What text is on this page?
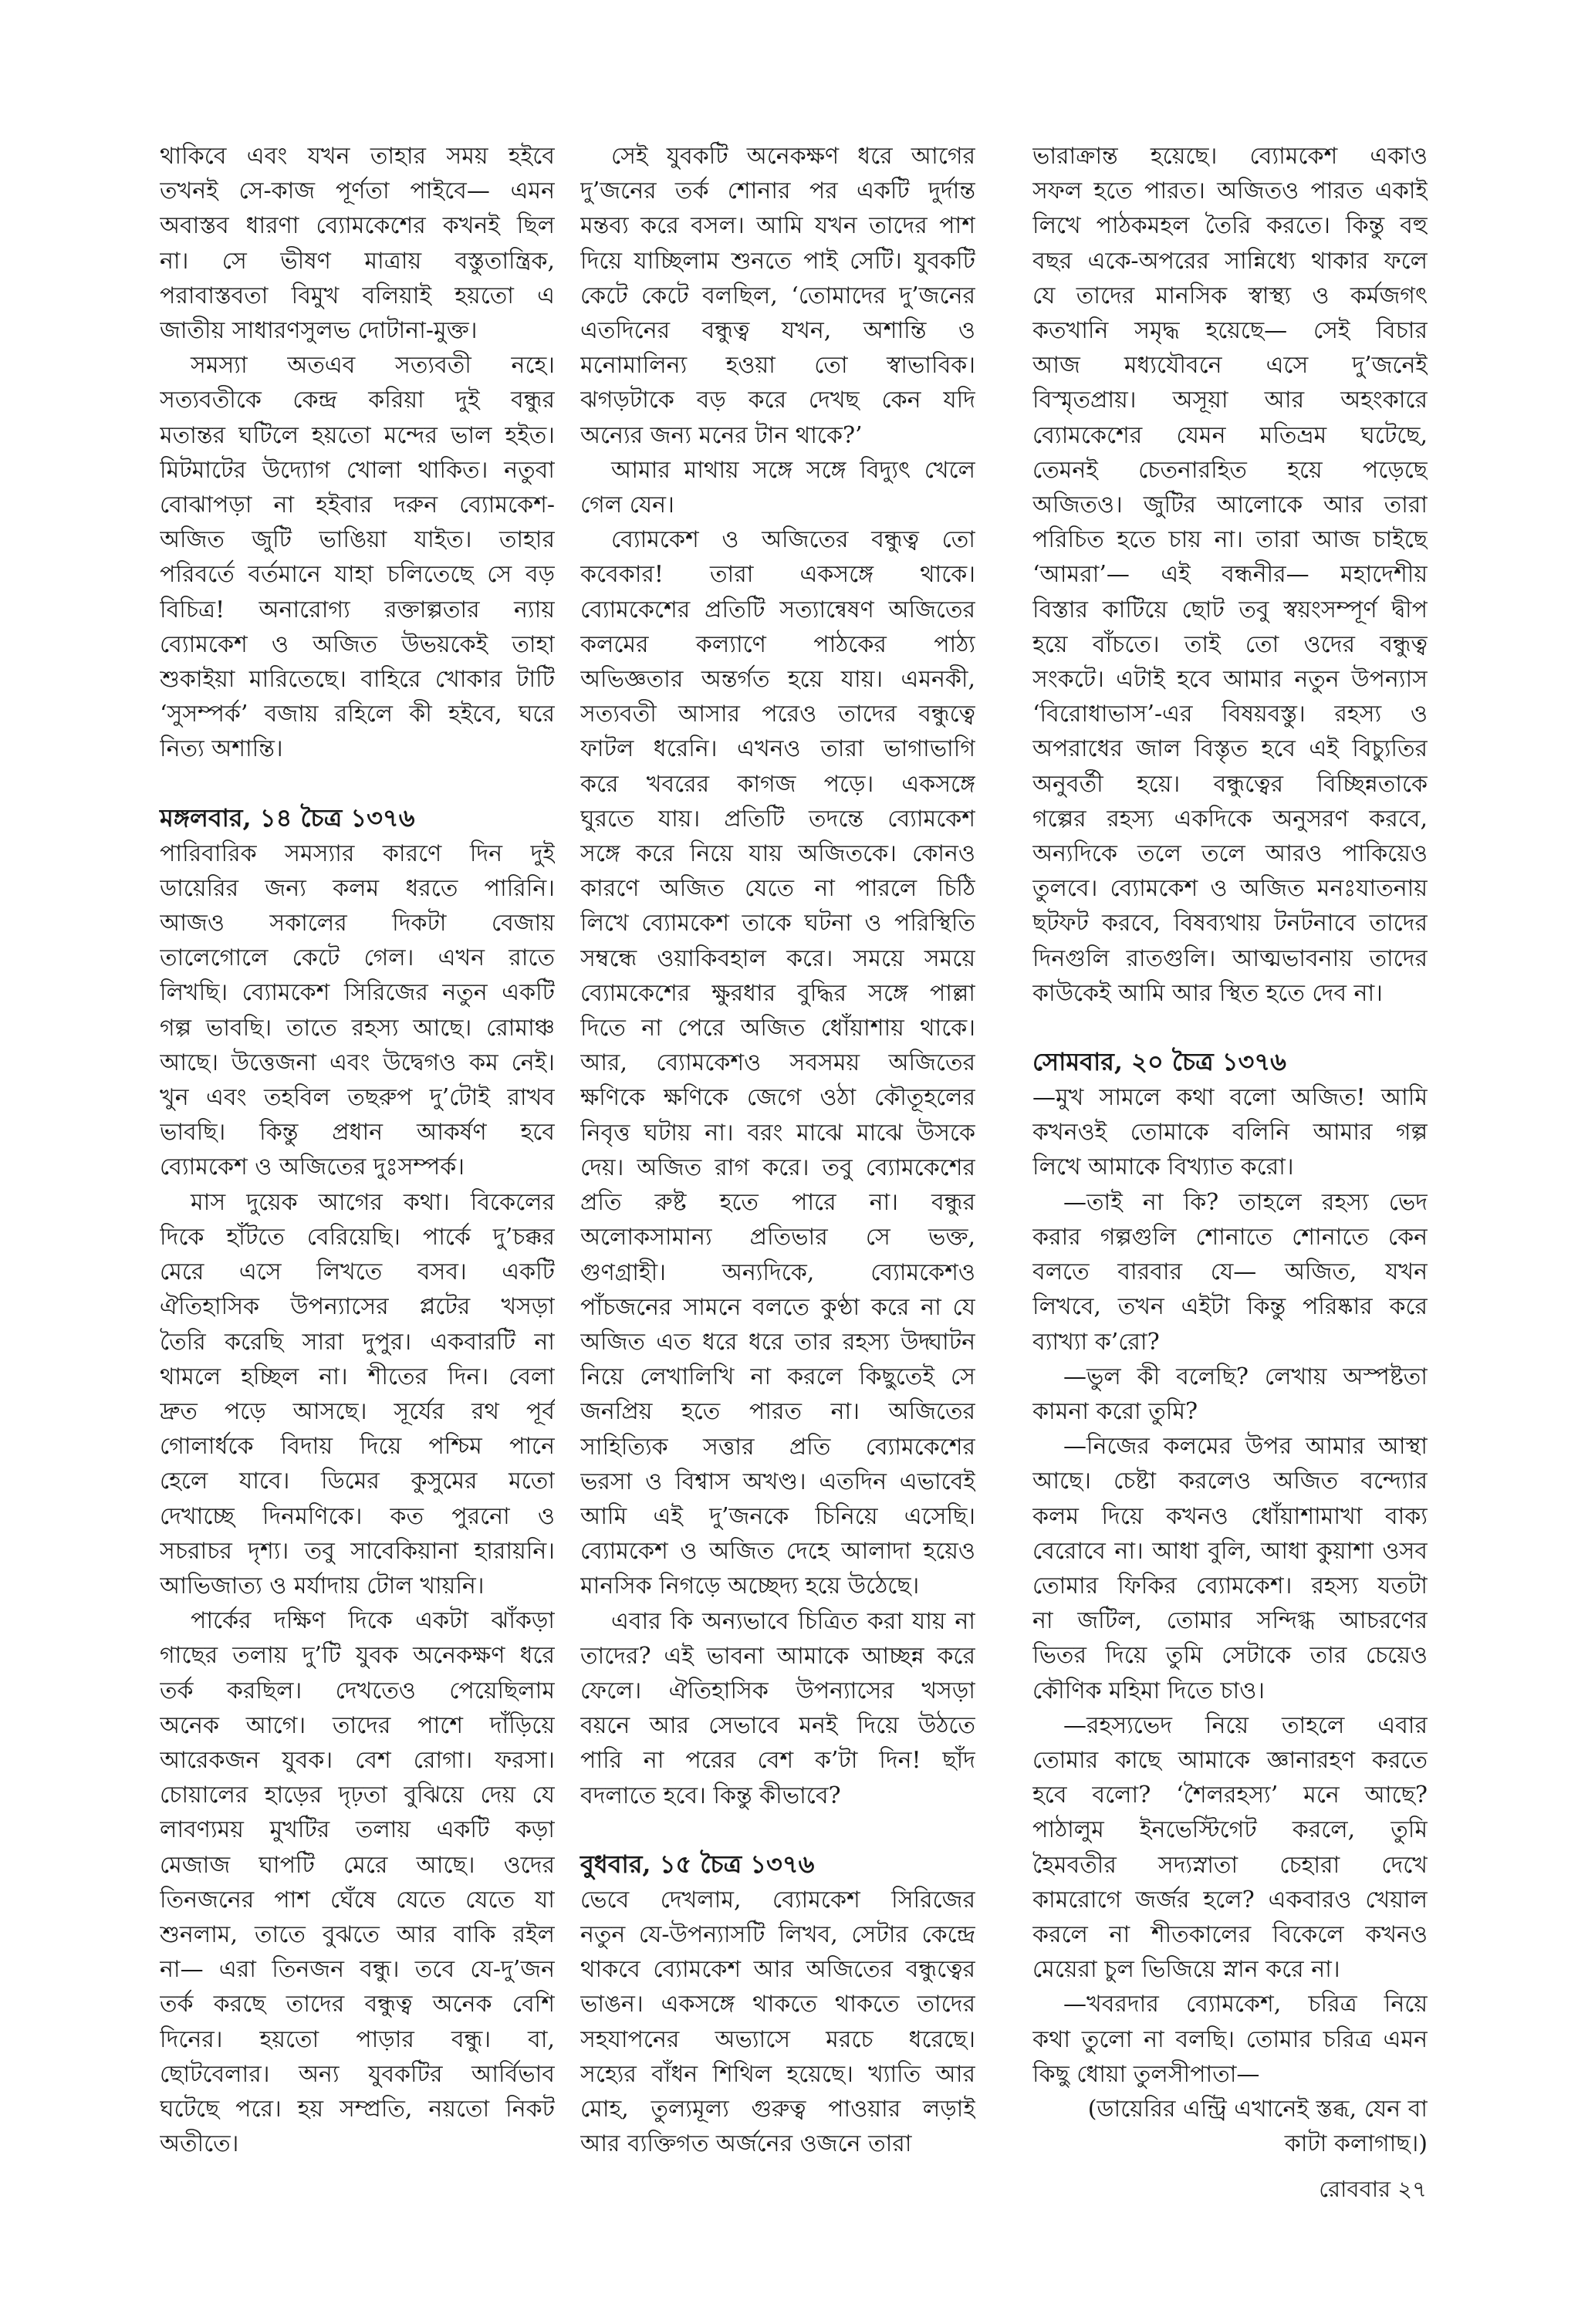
থাকিবে এবং যখন তাহার সময় হইবে
তখনই সে-কাজ পূর্ণতা পাইবে— এমন
অবাস্তব ধারণা ব্যোমকেশের কখনই ছিল
না। সে ভীষণ মাত্রায় বস্তুতান্ত্রিক,
পরাবাস্তবতা বিমুখ বলিয়াই হয়তো এ
জাতীয় সাধারণসুলভ দোটানা-মুক্ত।
সমস্যা অতএব সত্যবতী নহে।
সত্যবতীকে কেন্দ্র করিয়া দুই বন্ধুর
মতান্তর ঘটিলে হয়তো মন্দের ভাল হইত।
মিটমাটের উদ্যোগ খোলা থাকিত। নতুবা
বোঝাপড়া না হইবার দরুন ব্যোমকেশ-
অজিত জুটি ভাঙিয়া যাইত। তাহার
পরিবর্তে বর্তমানে যাহা চলিতেছে সে বড়
বিচিত্র! অনারোগ্য রক্তাল্পতার ন্যায়
ব্যোমকেশ ও অজিত উভয়কেই তাহা
শুকাইয়া মারিতেছে। বাহিরে খোকার টাটি
‘সুসম্পর্ক’ বজায় রহিলে কী হইবে, ঘরে
নিত্য অশান্তি।
মঙ্গলবার, ১৪ চৈত্র ১৩৭৬
পারিবারিক সমস্যার কারণে দিন দুই
ডায়েরির জন্য কলম ধরতে পারিনি।
আজও সকালের দিকটা বেজায়
তালেগোলে কেটে গেল। এখন রাতে
লিখছি। ব্যোমকেশ সিরিজের নতুন একটি
গল্প ভাবছি। তাতে রহস্য আছে। রোমাঞ্চ
আছে। উত্তেজনা এবং উদ্বেগও কম নেই।
খুন এবং তহবিল তছরুপ দু’টোই রাখব
ভাবছি। কিন্তু প্রধান আকর্ষণ হবে
ব্যোমকেশ ও অজিতের দুঃসম্পর্ক।
মাস দুয়েক আগের কথা। বিকেলের
দিকে হাঁটতে বেরিয়েছি। পার্কে দু’চক্কর
মেরে এসে লিখতে বসব। একটি
ঐতিহাসিক উপন্যাসের প্লটের খসড়া
তৈরি করেছি সারা দুপুর। একবারটি না
থামলে হচ্ছিল না। শীতের দিন। বেলা
দ্রুত পড়ে আসছে। সূর্যের রথ পূর্ব
গোলার্ধকে বিদায় দিয়ে পশ্চিম পানে
হেলে যাবে। ডিমের কুসুমের মতো
দেখাচ্ছে দিনমণিকে। কত পুরনো ও
সচরাচর দৃশ্য। তবু সাবেকিয়ানা হারায়নি।
আভিজাত্য ও মর্যাদায় টোল খায়নি।
পার্কের দক্ষিণ দিকে একটা ঝাঁকড়া
গাছের তলায় দু’টি যুবক অনেকক্ষণ ধরে
তর্ক করছিল। দেখতেও পেয়েছিলাম
অনেক আগে। তাদের পাশে দাঁড়িয়ে
আরেকজন যুবক। বেশ রোগা। ফরসা।
চোয়ালের হাড়ের দৃঢ়তা বুঝিয়ে দেয় যে
লাবণ্যময় মুখটির তলায় একটি কড়া
মেজাজ ঘাপটি মেরে আছে। ওদের
তিনজনের পাশ ঘেঁষে যেতে যেতে যা
শুনলাম, তাতে বুঝতে আর বাকি রইল
না— এরা তিনজন বন্ধু। তবে যে-দু’জন
তর্ক করছে তাদের বন্ধুত্ব অনেক বেশি
দিনের। হয়তো পাড়ার বন্ধু। বা,
ছোটবেলার। অন্য যুবকটির আর্বিভাব
ঘটেছে পরে। হয় সম্প্রতি, নয়তো নিকট
অতীতে।
সেই যুবকটি অনেকক্ষণ ধরে আগের
দু’জনের তর্ক শোনার পর একটি দুর্দান্ত
মন্তব্য করে বসল। আমি যখন তাদের পাশ
দিয়ে যাচ্ছিলাম শুনতে পাই সেটি। যুবকটি
কেটে কেটে বলছিল, ‘তোমাদের দু’জনের
এতদিনের বন্ধুত্ব যখন, অশান্তি ও
মনোমালিন্য হওয়া তো স্বাভাবিক।
ঝগড়টাকে বড় করে দেখছ কেন যদি
অন্যের জন্য মনের টান থাকে?’
আমার মাথায় সঙ্গে সঙ্গে বিদ্যুৎ খেলে
গেল যেন।
ব্যোমকেশ ও অজিতের বন্ধুত্ব তো
কবেকার! তারা একসঙ্গে থাকে।
ব্যোমকেশের প্রতিটি সত্যান্বেষণ অজিতের
কলমের কল্যাণে পাঠকের পাঠ্য
অভিজ্ঞতার অন্তর্গত হয়ে যায়। এমনকী,
সত্যবতী আসার পরেও তাদের বন্ধুত্বে
ফাটল ধরেনি। এখনও তারা ভাগাভাগি
করে খবরের কাগজ পড়ে। একসঙ্গে
ঘুরতে যায়। প্রতিটি তদন্তে ব্যোমকেশ
সঙ্গে করে নিয়ে যায় অজিতকে। কোনও
কারণে অজিত যেতে না পারলে চিঠি
লিখে ব্যোমকেশ তাকে ঘটনা ও পরিস্থিতি
সম্বন্ধে ওয়াকিবহাল করে। সময়ে সময়ে
ব্যোমকেশের ক্ষুরধার বুদ্ধির সঙ্গে পাল্লা
দিতে না পেরে অজিত ধোঁয়াশায় থাকে।
আর, ব্যোমকেশও সবসময় অজিতের
ক্ষণিকে ক্ষণিকে জেগে ওঠা কৌতূহলের
নিবৃত্ত ঘটায় না। বরং মাঝে মাঝে উসকে
দেয়। অজিত রাগ করে। তবু ব্যোমকেশের
প্রতি রুষ্ট হতে পারে না। বন্ধুর
অলোকসামান্য প্রতিভার সে ভক্ত,
গুণগ্রাহী। অন্যদিকে, ব্যোমকেশও
পাঁচজনের সামনে বলতে কুণ্ঠা করে না যে
অজিত এত ধরে ধরে তার রহস্য উদ্ঘাটন
নিয়ে লেখালিখি না করলে কিছুতেই সে
জনপ্রিয় হতে পারত না। অজিতের
সাহিত্যিক সত্তার প্রতি ব্যোমকেশের
ভরসা ও বিশ্বাস অখণ্ড। এতদিন এভাবেই
আমি এই দু’জনকে চিনিয়ে এসেছি।
ব্যোমকেশ ও অজিত দেহে আলাদা হয়েও
মানসিক নিগড়ে অচ্ছেদ্য হয়ে উঠেছে।
এবার কি অন্যভাবে চিত্রিত করা যায় না
তাদের? এই ভাবনা আমাকে আচ্ছন্ন করে
ফেলে। ঐতিহাসিক উপন্যাসের খসড়া
বয়নে আর সেভাবে মনই দিয়ে উঠতে
পারি না পরের বেশ ক’টা দিন! ছাঁদ
বদলাতে হবে। কিন্তু কীভাবে?
বুধবার, ১৫ চৈত্র ১৩৭৬
ভেবে দেখলাম, ব্যোমকেশ সিরিজের
নতুন যে-উপন্যাসটি লিখব, সেটার কেন্দ্রে
থাকবে ব্যোমকেশ আর অজিতের বন্ধুত্বের
ভাঙন। একসঙ্গে থাকতে থাকতে তাদের
সহযাপনের অভ্যাসে মরচে ধরেছে।
সহ্যের বাঁধন শিথিল হয়েছে। খ্যাতি আর
মোহ, তুল্যমূল্য গুরুত্ব পাওয়ার লড়াই
আর ব্যক্তিগত অর্জনের ওজনে তারা
ভারাক্রান্ত হয়েছে। ব্যোমকেশ একাও
সফল হতে পারত। অজিতও পারত একাই
লিখে পাঠকমহল তৈরি করতে। কিন্তু বহু
বছর একে-অপরের সান্নিধ্যে থাকার ফলে
যে তাদের মানসিক স্বাস্থ্য ও কর্মজগৎ
কতখানি সমৃদ্ধ হয়েছে— সেই বিচার
আজ মধ্যযৌবনে এসে দু’জনেই
বিস্মৃতপ্রায়। অসূয়া আর অহংকারে
ব্যোমকেশের যেমন মতিভ্রম ঘটেছে,
তেমনই চেতনারহিত হয়ে পড়েছে
অজিতও। জুটির আলোকে আর তারা
পরিচিত হতে চায় না। তারা আজ চাইছে
‘আমরা’— এই বন্ধনীর— মহাদেশীয়
বিস্তার কাটিয়ে ছোট তবু স্বয়ংসম্পূর্ণ দ্বীপ
হয়ে বাঁচতে। তাই তো ওদের বন্ধুত্ব
সংকটে। এটাই হবে আমার নতুন উপন্যাস
‘বিরোধাভাস’-এর বিষয়বস্তু। রহস্য ও
অপরাধের জাল বিস্তৃত হবে এই বিচ্যুতির
অনুবর্তী হয়ে। বন্ধুত্বের বিচ্ছিন্নতাকে
গল্পের রহস্য একদিকে অনুসরণ করবে,
অন্যদিকে তলে তলে আরও পাকিয়েও
তুলবে। ব্যোমকেশ ও অজিত মনঃযাতনায়
ছটফট করবে, বিষব্যথায় টনটনাবে তাদের
দিনগুলি রাতগুলি। আত্মভাবনায় তাদের
কাউকেই আমি আর স্থিত হতে দেব না।
সোমবার, ২০ চৈত্র ১৩৭৬
—মুখ সামলে কথা বলো অজিত! আমি
কখনওই তোমাকে বলিনি আমার গল্প
লিখে আমাকে বিখ্যাত করো।
—তাই না কি? তাহলে রহস্য ভেদ
করার গল্পগুলি শোনাতে শোনাতে কেন
বলতে বারবার যে— অজিত, যখন
লিখবে, তখন এইটা কিন্তু পরিষ্কার করে
ব্যাখ্যা ক’রো?
—ভুল কী বলেছি? লেখায় অস্পষ্টতা
কামনা করো তুমি?
—নিজের কলমের উপর আমার আস্থা
আছে। চেষ্টা করলেও অজিত বন্দ্যোর
কলম দিয়ে কখনও ধোঁয়াশামাখা বাক্য
বেরোবে না। আধা বুলি, আধা কুয়াশা ওসব
তোমার ফিকির ব্যোমকেশ। রহস্য যতটা
না জটিল, তোমার সন্দিগ্ধ আচরণের
ভিতর দিয়ে তুমি সেটাকে তার চেয়েও
কৌণিক মহিমা দিতে চাও।
—রহস্যভেদ নিয়ে তাহলে এবার
তোমার কাছে আমাকে জ্ঞানারহণ করতে
হবে বলো? ‘শৈলরহস্য’ মনে আছে?
পাঠালুম ইনভেস্টিগেট করলে, তুমি
হৈমবতীর সদ্যস্নাতা চেহারা দেখে
কামরোগে জর্জর হলে? একবারও খেয়াল
করলে না শীতকালের বিকেলে কখনও
মেয়েরা চুল ভিজিয়ে স্নান করে না।
—খবরদার ব্যোমকেশ, চরিত্র নিয়ে
কথা তুলো না বলছি। তোমার চরিত্র এমন
কিছু ধোয়া তুলসীপাতা—
(ডায়েরির এন্ট্রি এখানেই স্তব্ধ, যেন বা
কাটা কলাগাছ।)
রোববার ২৭
